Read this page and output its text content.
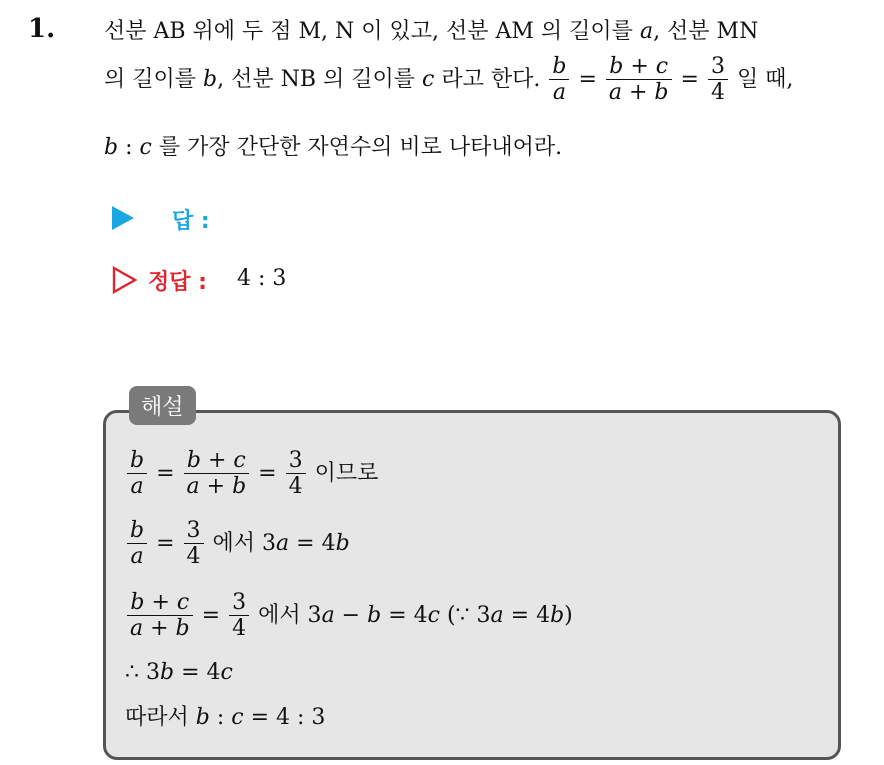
1. 선분 AB 위에 두 점 M, N 이 있고, 선분 AM 의 길이를 a, 선분 MN
의 길이를 b, 선분 NB 의 길이를 c 라고 한다. $\frac{b}{a} = \frac{b + c}{a + b} = \frac{3}{4}$ 일 때,
b : c 를 가장 간단한 자연수의 비로 나타내어라.
답 :
정답 : 4 : 3
해설
$\frac{b}{a} = \frac{b + c}{a + b} = \frac{3}{4}$ 이므로
$\frac{b}{a} = \frac{3}{4}$ 에서 3a = 4b
$\frac{b + c}{a + b} = \frac{3}{4}$ 에서 3a − b = 4c (∵ 3a = 4b)
∴ 3b = 4c
따라서 b : c = 4 : 3
